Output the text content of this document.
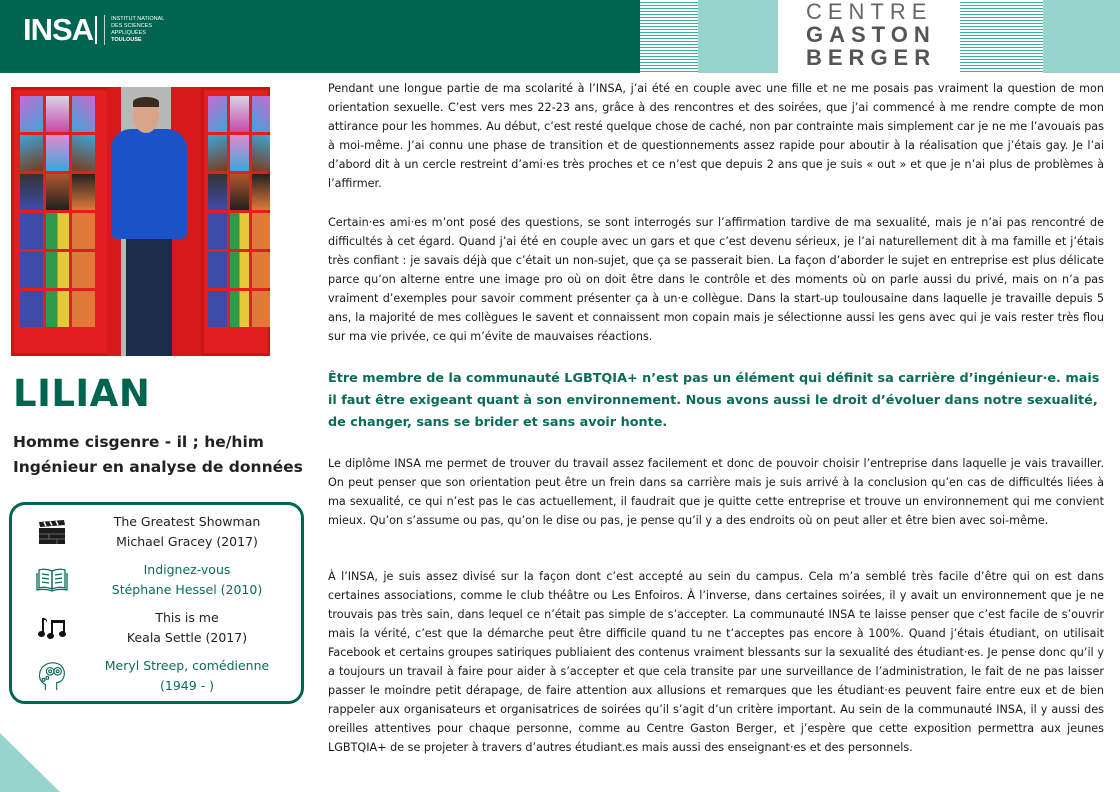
INSA	INSTITUT NATIONAL
DES SCIENCES
APPLIQUÉES
TOULOUSE
CENTRE
GASTON
BERGER
LILIAN
Homme cisgenre - il ; he/him
Ingénieur en analyse de données
The Greatest Showman
Michael Gracey (2017)
Indignez-vous
Stéphane Hessel (2010)
This is me
Keala Settle (2017)
Meryl Streep, comédienne
(1949 - )

Pendant une longue partie de ma scolarité à l’INSA, j’ai été en couple avec une fille et ne me posais pas vraiment la question de mon orientation sexuelle. C’est vers mes 22-23 ans, grâce à des rencontres et des soirées, que j’ai commencé à me rendre compte de mon attirance pour les hommes. Au début, c’est resté quelque chose de caché, non par contrainte mais simplement car je ne me l’avouais pas à moi-même. J’ai connu une phase de transition et de questionnements assez rapide pour aboutir à la réalisation que j’étais gay. Je l’ai d’abord dit à un cercle restreint d’ami·es très proches et ce n’est que depuis 2 ans que je suis « out » et que je n’ai plus de problèmes à l’affirmer.

Certain·es ami·es m’ont posé des questions, se sont interrogés sur l’affirmation tardive de ma sexualité, mais je n’ai pas rencontré de difficultés à cet égard. Quand j’ai été en couple avec un gars et que c’est devenu sérieux, je l’ai naturellement dit à ma famille et j’étais très confiant : je savais déjà que c’était un non-sujet, que ça se passerait bien. La façon d’aborder le sujet en entreprise est plus délicate parce qu’on alterne entre une image pro où on doit être dans le contrôle et des moments où on parle aussi du privé, mais on n’a pas vraiment d’exemples pour savoir comment présenter ça à un·e collègue. Dans la start-up toulousaine dans laquelle je travaille depuis 5 ans, la majorité de mes collègues le savent et connaissent mon copain mais je sélectionne aussi les gens avec qui je vais rester très flou sur ma vie privée, ce qui m’évite de mauvaises réactions.

Être membre de la communauté LGBTQIA+ n’est pas un élément qui définit sa carrière d’ingénieur·e. mais il faut être exigeant quant à son environnement. Nous avons aussi le droit d’évoluer dans notre sexualité, de changer, sans se brider et sans avoir honte.

Le diplôme INSA me permet de trouver du travail assez facilement et donc de pouvoir choisir l’entreprise dans laquelle je vais travailler. On peut penser que son orientation peut être un frein dans sa carrière mais je suis arrivé à la conclusion qu’en cas de difficultés liées à ma sexualité, ce qui n’est pas le cas actuellement, il faudrait que je quitte cette entreprise et trouve un environnement qui me convient mieux. Qu’on s’assume ou pas, qu’on le dise ou pas, je pense qu’il y a des endroits où on peut aller et être bien avec soi-même.

À l’INSA, je suis assez divisé sur la façon dont c’est accepté au sein du campus. Cela m’a semblé très facile d’être qui on est dans certaines associations, comme le club théâtre ou Les Enfoiros. À l’inverse, dans certaines soirées, il y avait un environnement que je ne trouvais pas très sain, dans lequel ce n’était pas simple de s’accepter. La communauté INSA te laisse penser que c’est facile de s’ouvrir mais la vérité, c’est que la démarche peut être difficile quand tu ne t’acceptes pas encore à 100%. Quand j’étais étudiant, on utilisait Facebook et certains groupes satiriques publiaient des contenus vraiment blessants sur la sexualité des étudiant·es. Je pense donc qu’il y a toujours un travail à faire pour aider à s’accepter et que cela transite par une surveillance de l’administration, le fait de ne pas laisser passer le moindre petit dérapage, de faire attention aux allusions et remarques que les étudiant·es peuvent faire entre eux et de bien rappeler aux organisateurs et organisatrices de soirées qu’il s’agit d’un critère important. Au sein de la communauté INSA, il y aussi des oreilles attentives pour chaque personne, comme au Centre Gaston Berger, et j’espère que cette exposition permettra aux jeunes LGBTQIA+ de se projeter à travers d’autres étudiant.es mais aussi des enseignant·es et des personnels.
